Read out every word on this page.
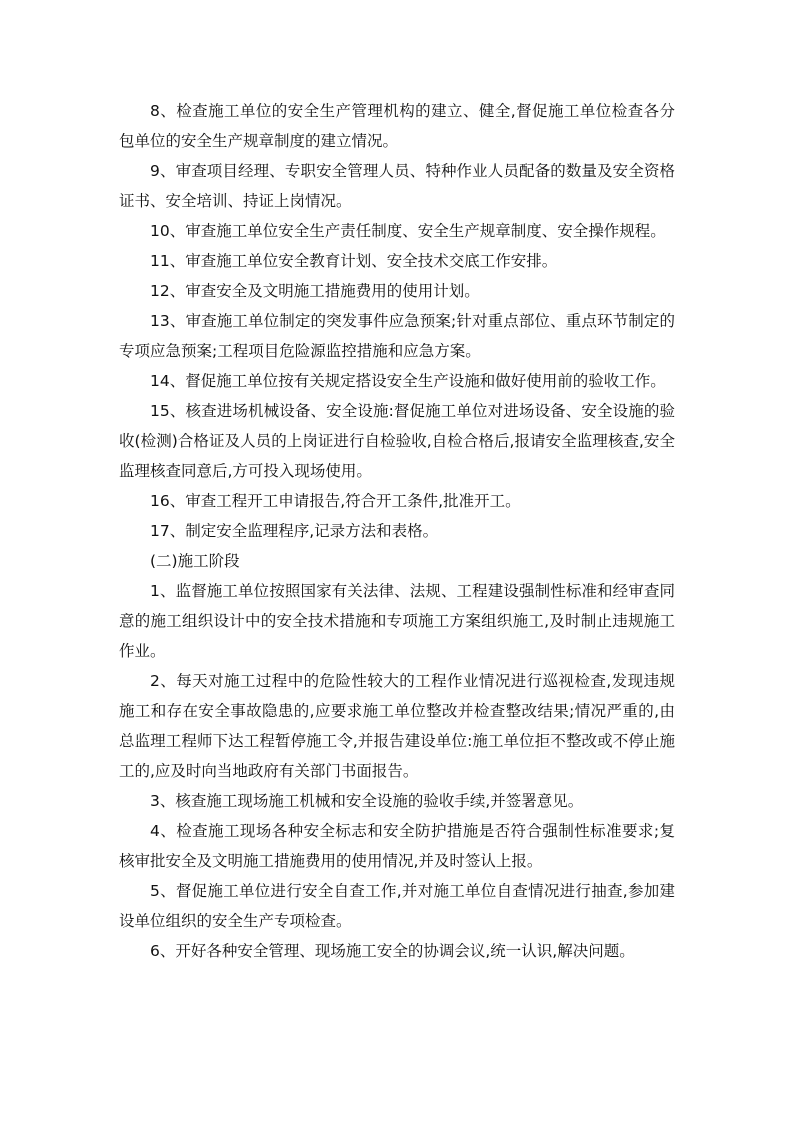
8、检查施工单位的安全生产管理机构的建立、健全,督促施工单位检查各分包单位的安全生产规章制度的建立情况。

9、审查项目经理、专职安全管理人员、特种作业人员配备的数量及安全资格证书、安全培训、持证上岗情况。

10、审查施工单位安全生产责任制度、安全生产规章制度、安全操作规程。

11、审查施工单位安全教育计划、安全技术交底工作安排。

12、审查安全及文明施工措施费用的使用计划。

13、审查施工单位制定的突发事件应急预案;针对重点部位、重点环节制定的专项应急预案;工程项目危险源监控措施和应急方案。

14、督促施工单位按有关规定搭设安全生产设施和做好使用前的验收工作。

15、核查进场机械设备、安全设施:督促施工单位对进场设备、安全设施的验收(检测)合格证及人员的上岗证进行自检验收,自检合格后,报请安全监理核查,安全监理核查同意后,方可投入现场使用。

16、审查工程开工申请报告,符合开工条件,批准开工。

17、制定安全监理程序,记录方法和表格。

(二)施工阶段

1、监督施工单位按照国家有关法律、法规、工程建设强制性标准和经审查同意的施工组织设计中的安全技术措施和专项施工方案组织施工,及时制止违规施工作业。

2、每天对施工过程中的危险性较大的工程作业情况进行巡视检查,发现违规施工和存在安全事故隐患的,应要求施工单位整改并检查整改结果;情况严重的,由总监理工程师下达工程暂停施工令,并报告建设单位:施工单位拒不整改或不停止施工的,应及时向当地政府有关部门书面报告。

3、核查施工现场施工机械和安全设施的验收手续,并签署意见。

4、检查施工现场各种安全标志和安全防护措施是否符合强制性标准要求;复核审批安全及文明施工措施费用的使用情况,并及时签认上报。

5、督促施工单位进行安全自查工作,并对施工单位自查情况进行抽查,参加建设单位组织的安全生产专项检查。

6、开好各种安全管理、现场施工安全的协调会议,统一认识,解决问题。
